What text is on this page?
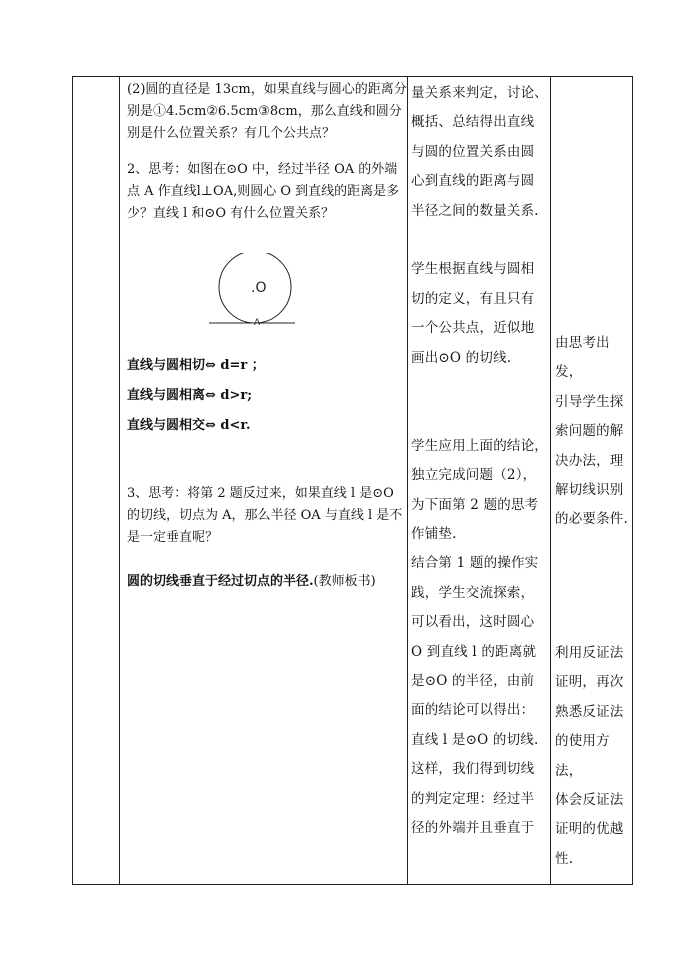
(2)圆的直径是 13cm，如果直线与圆心的距离分别是①4.5cm②6.5cm③8cm，那么直线和圆分别是什么位置关系？有几个公共点？

2、思考：如图在⊙O 中，经过半径 OA 的外端点 A 作直线l⊥OA,则圆心 O 到直线的距离是多少？直线 l 和⊙O 有什么位置关系？

直线与圆相切⇔ d=r ；

直线与圆相离⇔ d>r;

直线与圆相交⇔ d<r.

3、思考：将第 2 题反过来，如果直线 l 是⊙O 的切线，切点为 A，那么半径 OA 与直线 l 是不是一定垂直呢？

圆的切线垂直于经过切点的半径.(教师板书)

.O
A

量关系来判定，讨论、

概括、总结得出直线

与圆的位置关系由圆

心到直线的距离与圆

半径之间的数量关系.

学生根据直线与圆相

切的定义，有且只有

一个公共点，近似地

画出⊙O 的切线.

学生应用上面的结论，

独立完成问题（2），

为下面第 2 题的思考

作铺垫.

结合第 1 题的操作实

践，学生交流探索，

可以看出，这时圆心

O 到直线 l 的距离就

是⊙O 的半径，由前

面的结论可以得出：

直线 l 是⊙O 的切线.

这样，我们得到切线

的判定定理：经过半

径的外端并且垂直于

由思考出发，

引导学生探

索问题的解

决办法，理

解切线识别

的必要条件.

利用反证法

证明，再次

熟悉反证法

的使用方法，

体会反证法

证明的优越

性.
